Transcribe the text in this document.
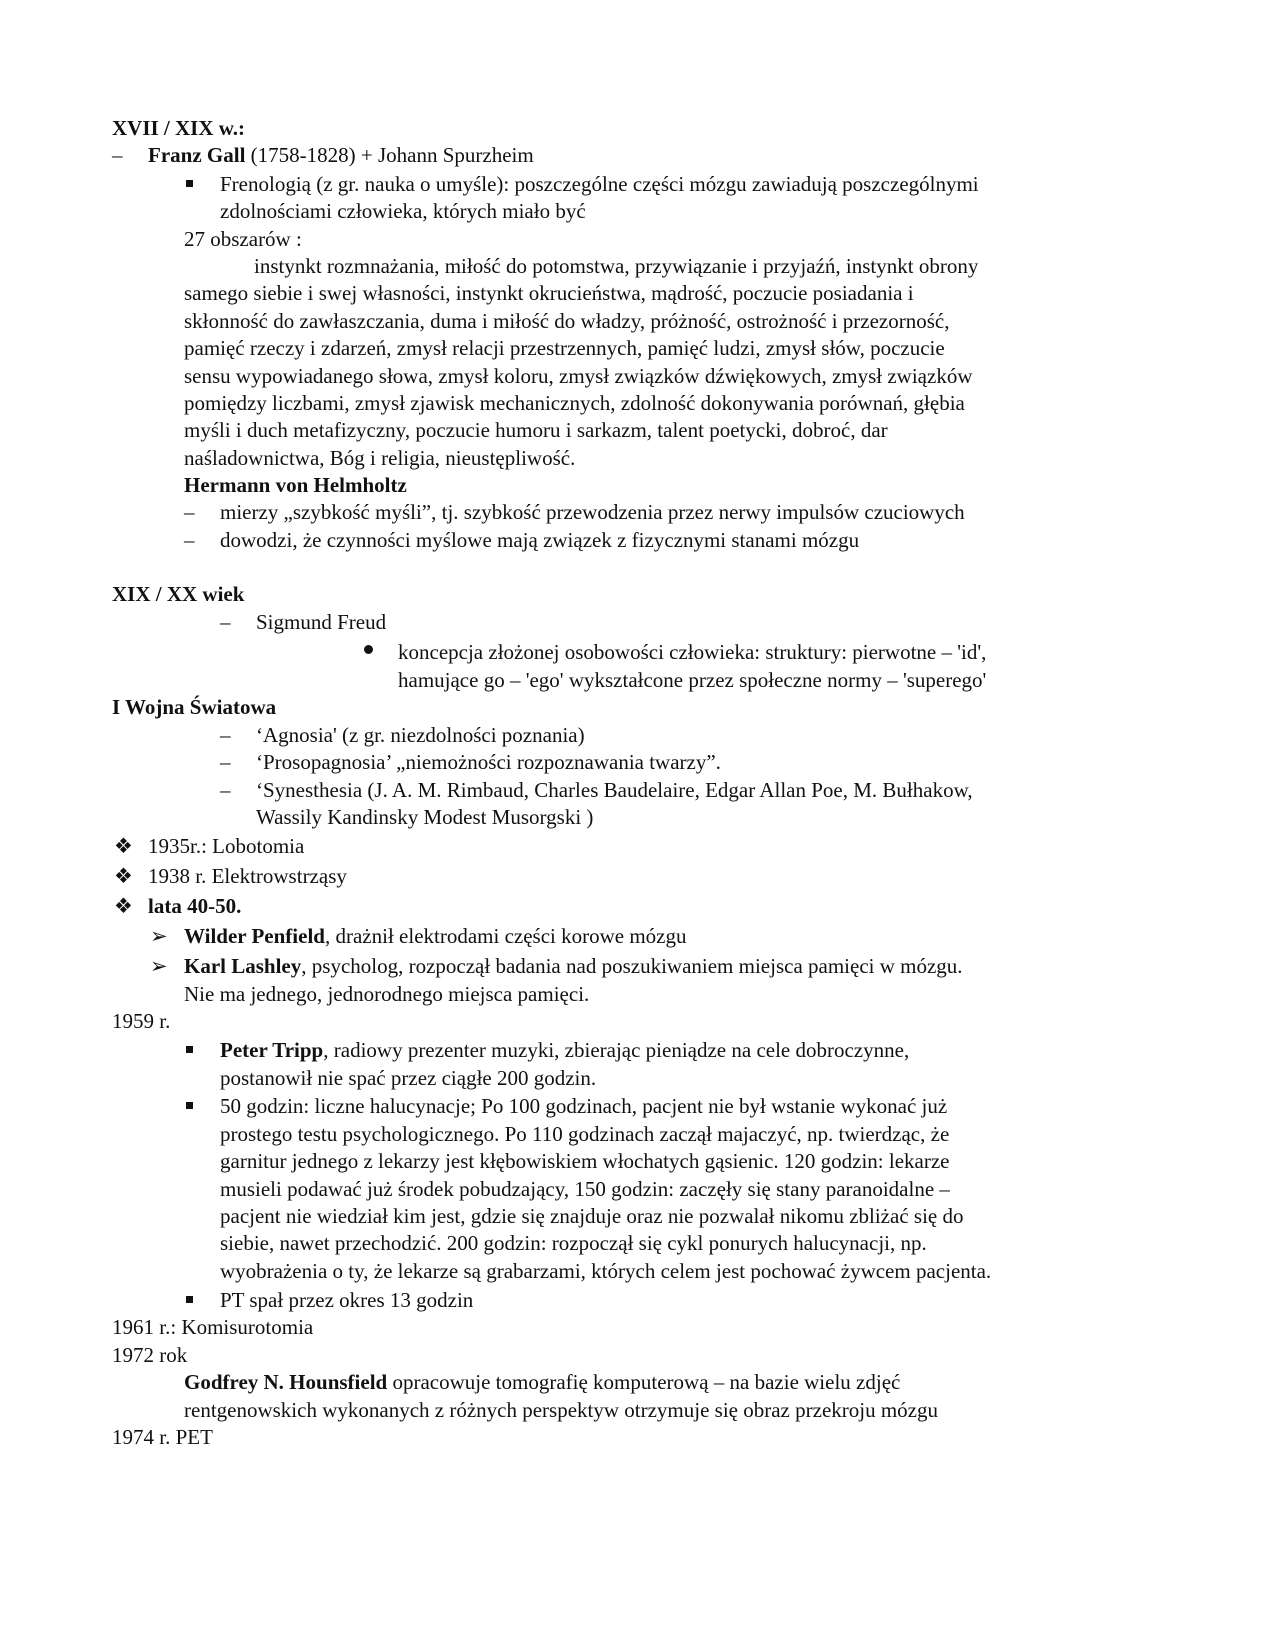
XVII / XIX w.:
– Franz Gall (1758-1828) + Johann Spurzheim
Frenologią (z gr. nauka o umyśle): poszczególne części mózgu zawiadują poszczególnymi
zdolnościami człowieka, których miało być
27 obszarów :
instynkt rozmnażania, miłość do potomstwa, przywiązanie i przyjaźń, instynkt obrony
samego siebie i swej własności, instynkt okrucieństwa, mądrość, poczucie posiadania i
skłonność do zawłaszczania, duma i miłość do władzy, próżność, ostrożność i przezorność,
pamięć rzeczy i zdarzeń, zmysł relacji przestrzennych, pamięć ludzi, zmysł słów, poczucie
sensu wypowiadanego słowa, zmysł koloru, zmysł związków dźwiękowych, zmysł związków
pomiędzy liczbami, zmysł zjawisk mechanicznych, zdolność dokonywania porównań, głębia
myśli i duch metafizyczny, poczucie humoru i sarkazm, talent poetycki, dobroć, dar
naśladownictwa, Bóg i religia, nieustępliwość.
Hermann von Helmholtz
– mierzy „szybkość myśli”, tj. szybkość przewodzenia przez nerwy impulsów czuciowych
– dowodzi, że czynności myślowe mają związek z fizycznymi stanami mózgu
XIX / XX wiek
– Sigmund Freud
koncepcja złożonej osobowości człowieka: struktury: pierwotne – 'id',
hamujące go – 'ego' wykształcone przez społeczne normy – 'superego'
I Wojna Światowa
– ‘Agnosia' (z gr. niezdolności poznania)
– ‘Prosopagnosia’ „niemożności rozpoznawania twarzy”.
– ‘Synesthesia (J. A. M. Rimbaud, Charles Baudelaire, Edgar Allan Poe, M. Bułhakow,
Wassily Kandinsky Modest Musorgski )
❖ 1935r.: Lobotomia
❖ 1938 r. Elektrowstrząsy
❖ lata 40-50.
➢ Wilder Penfield, drażnił elektrodami części korowe mózgu
➢ Karl Lashley, psycholog, rozpoczął badania nad poszukiwaniem miejsca pamięci w mózgu.
Nie ma jednego, jednorodnego miejsca pamięci.
1959 r.
Peter Tripp, radiowy prezenter muzyki, zbierając pieniądze na cele dobroczynne,
postanowił nie spać przez ciągłe 200 godzin.
50 godzin: liczne halucynacje; Po 100 godzinach, pacjent nie był wstanie wykonać już
prostego testu psychologicznego. Po 110 godzinach zaczął majaczyć, np. twierdząc, że
garnitur jednego z lekarzy jest kłębowiskiem włochatych gąsienic. 120 godzin: lekarze
musieli podawać już środek pobudzający, 150 godzin: zaczęły się stany paranoidalne –
pacjent nie wiedział kim jest, gdzie się znajduje oraz nie pozwalał nikomu zbliżać się do
siebie, nawet przechodzić. 200 godzin: rozpoczął się cykl ponurych halucynacji, np.
wyobrażenia o ty, że lekarze są grabarzami, których celem jest pochować żywcem pacjenta.
PT spał przez okres 13 godzin
1961 r.: Komisurotomia
1972 rok
Godfrey N. Hounsfield opracowuje tomografię komputerową – na bazie wielu zdjęć
rentgenowskich wykonanych z różnych perspektyw otrzymuje się obraz przekroju mózgu
1974 r. PET
